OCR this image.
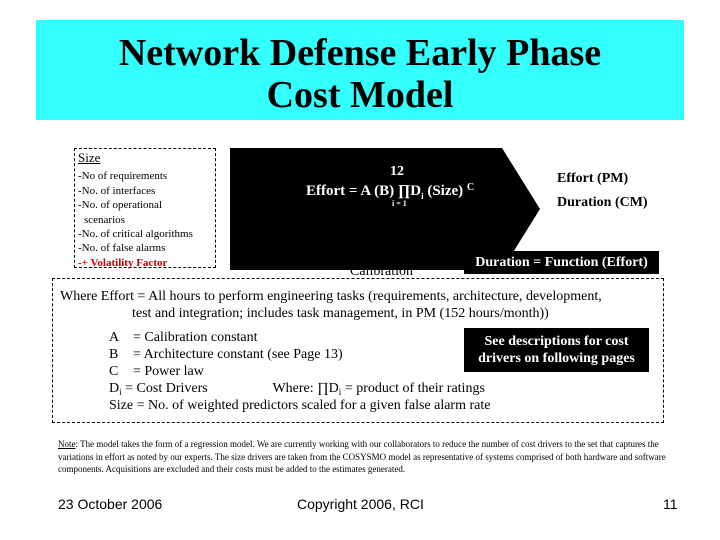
Network Defense Early Phase
Cost Model
Size
-No of requirements
-No. of interfaces
-No. of operational
scenarios
-No. of critical algorithms
-No. of false alarms
-+ Volatility Factor
12
Effort = A (B) $\prod D_i$ (Size) $^C$
i = 1
Effort (PM)
Duration (CM)
Calibration
Duration = Function (Effort)
Where Effort = All hours to perform engineering tasks (requirements, architecture, development,
test and integration; includes task management, in PM (152 hours/month))
A = Calibration constant
B = Architecture constant (see Page 13)
C = Power law
$D_i$ = Cost Drivers	Where: $\prod D_i$ = product of their ratings
Size = No. of weighted predictors scaled for a given false alarm rate
See descriptions for cost
drivers on following pages
Note: The model takes the form of a regression model. We are currently working with our collaborators to reduce the number of cost drivers to the set that captures the variations in effort as noted by our experts. The size drivers are taken from the COSYSMO model as representative of systems comprised of both hardware and software components. Acquisitions are excluded and their costs must be added to the estimates generated.
23 October 2006	Copyright 2006, RCI	11
